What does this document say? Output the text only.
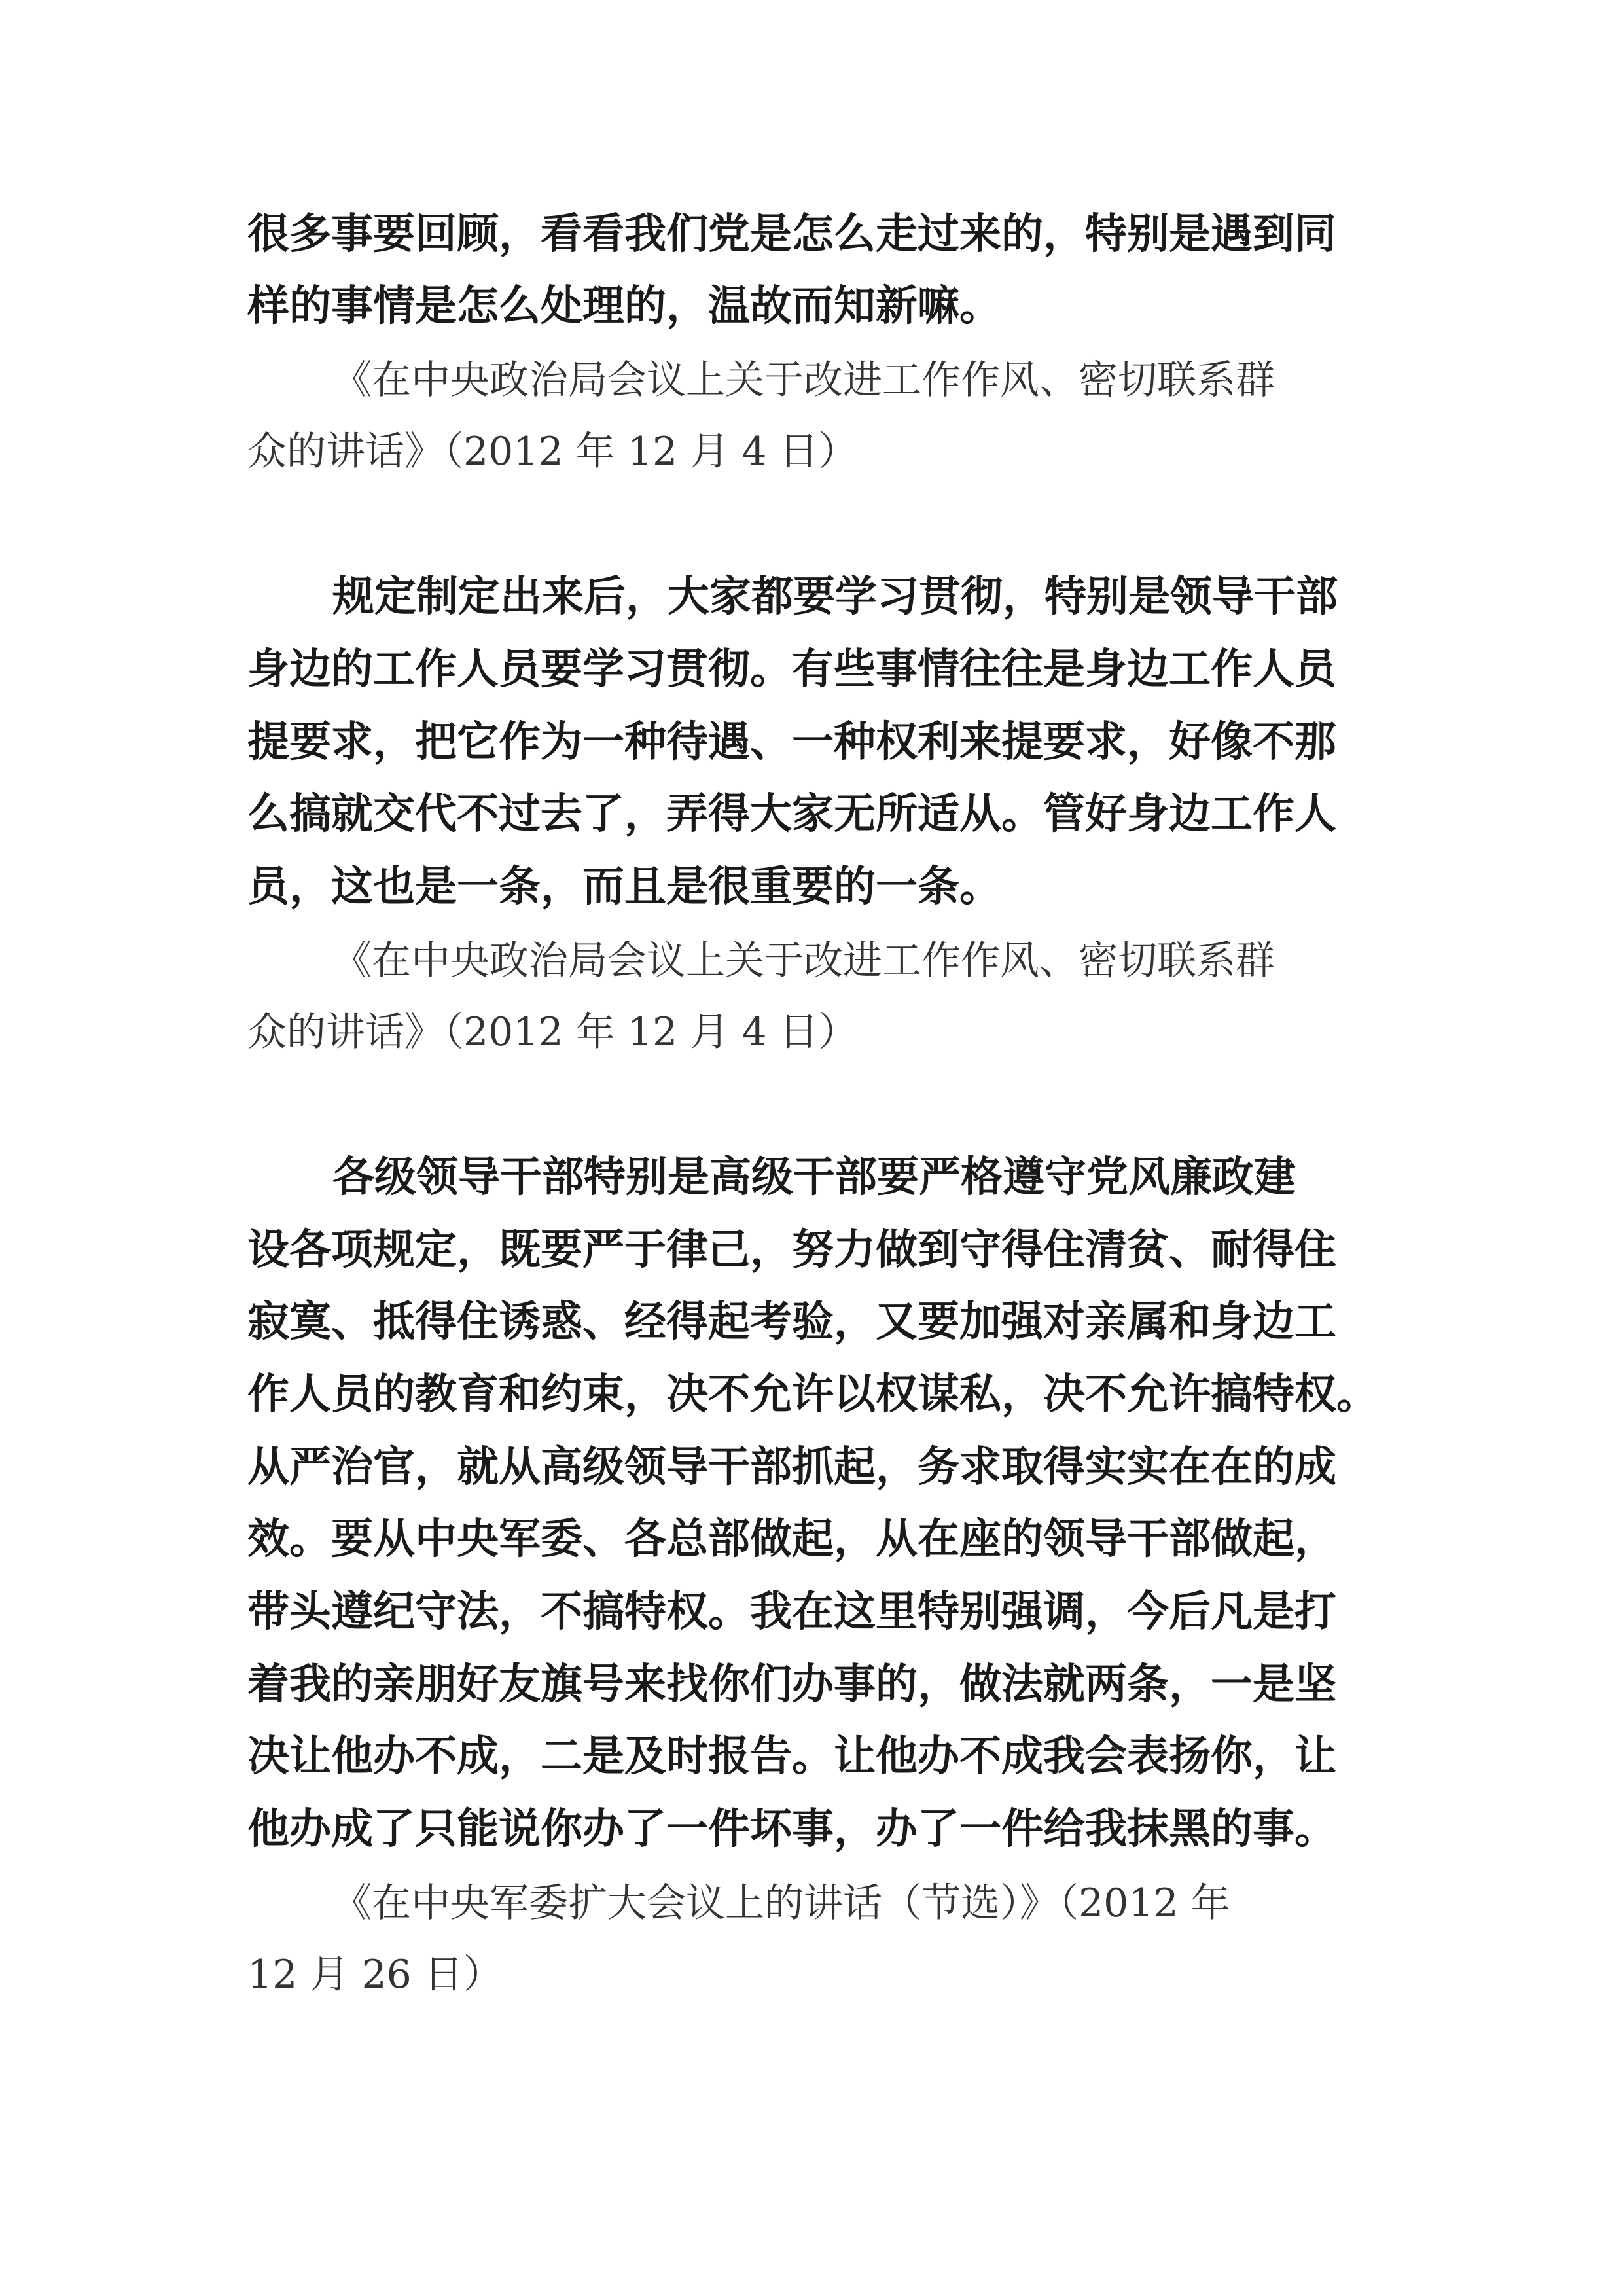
很多事要回顾，看看我们党是怎么走过来的，特别是遇到同
样的事情是怎么处理的，温故而知新嘛。
《在中央政治局会议上关于改进工作作风、密切联系群
众的讲话》（2012 年 12 月 4 日）
规定制定出来后，大家都要学习贯彻，特别是领导干部
身边的工作人员要学习贯彻。有些事情往往是身边工作人员
提要求，把它作为一种待遇、一种权利来提要求，好像不那
么搞就交代不过去了，弄得大家无所适从。管好身边工作人
员，这也是一条，而且是很重要的一条。
《在中央政治局会议上关于改进工作作风、密切联系群
众的讲话》（2012 年 12 月 4 日）
各级领导干部特别是高级干部要严格遵守党风廉政建
设各项规定，既要严于律己，努力做到守得住清贫、耐得住
寂寞、抵得住诱惑、经得起考验，又要加强对亲属和身边工
作人员的教育和约束，决不允许以权谋私，决不允许搞特权。
从严治官，就从高级领导干部抓起，务求取得实实在在的成
效。要从中央军委、各总部做起，从在座的领导干部做起，
带头遵纪守法，不搞特权。我在这里特别强调，今后凡是打
着我的亲朋好友旗号来找你们办事的，做法就两条，一是坚
决让他办不成，二是及时报告。让他办不成我会表扬你，让
他办成了只能说你办了一件坏事，办了一件给我抹黑的事。
《在中央军委扩大会议上的讲话（节选）》（2012 年
12 月 26 日）
